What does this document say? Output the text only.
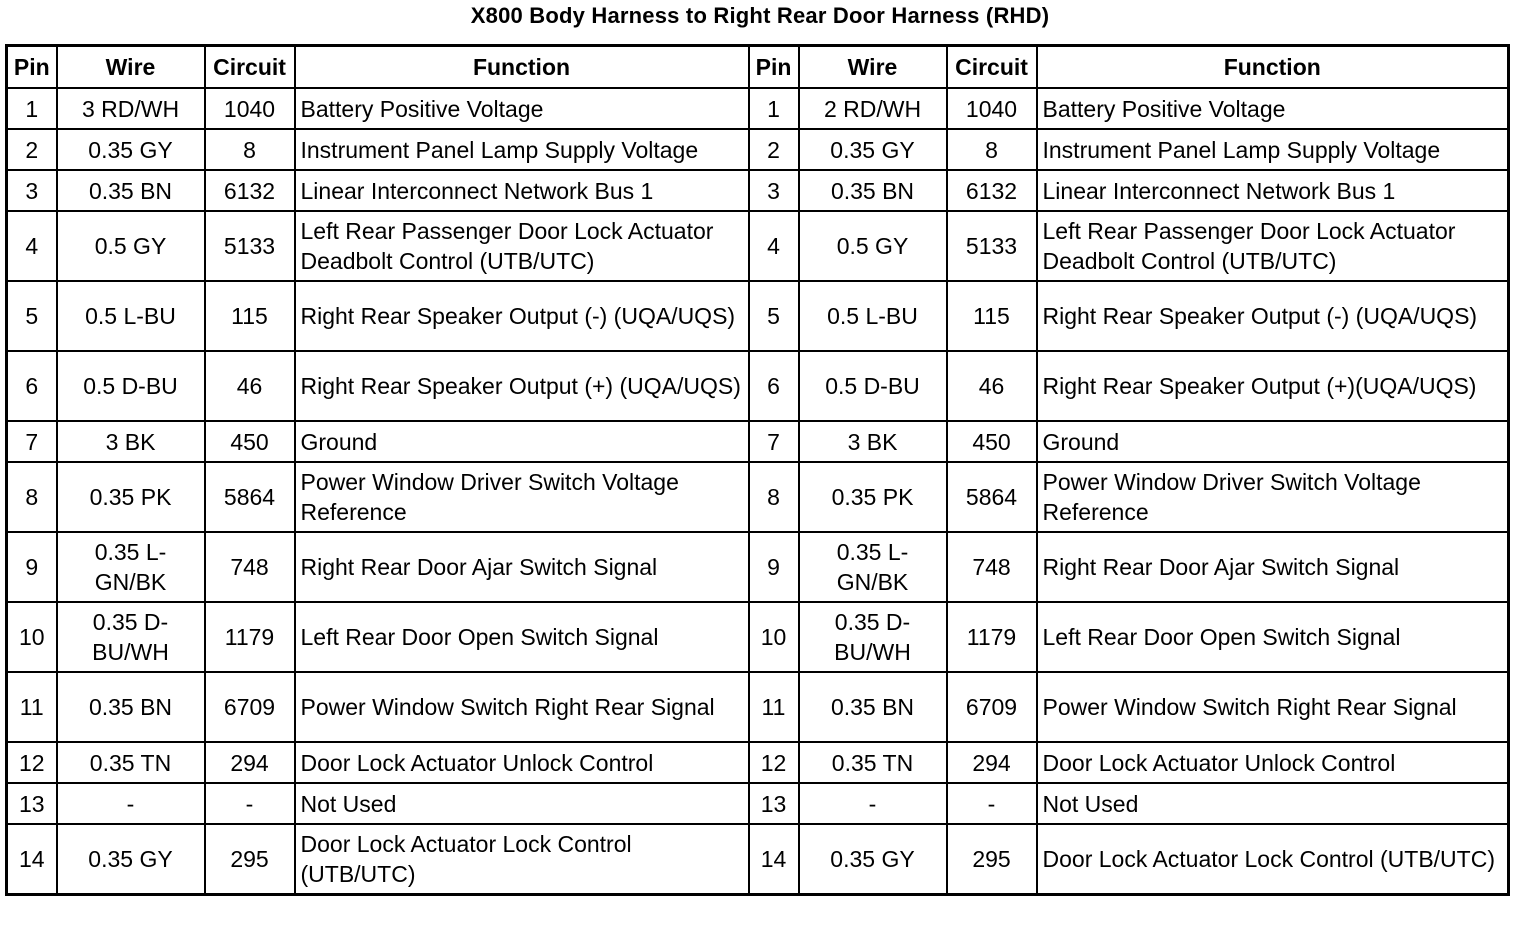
X800 Body Harness to Right Rear Door Harness (RHD)
Pin	Wire	Circuit	Function	Pin	Wire	Circuit	Function
1	3 RD/WH	1040	Battery Positive Voltage	1	2 RD/WH	1040	Battery Positive Voltage
2	0.35 GY	8	Instrument Panel Lamp Supply Voltage	2	0.35 GY	8	Instrument Panel Lamp Supply Voltage
3	0.35 BN	6132	Linear Interconnect Network Bus 1	3	0.35 BN	6132	Linear Interconnect Network Bus 1
4	0.5 GY	5133	Left Rear Passenger Door Lock Actuator Deadbolt Control (UTB/UTC)	4	0.5 GY	5133	Left Rear Passenger Door Lock Actuator Deadbolt Control (UTB/UTC)
5	0.5 L-BU	115	Right Rear Speaker Output (-) (UQA/UQS)	5	0.5 L-BU	115	Right Rear Speaker Output (-) (UQA/UQS)
6	0.5 D-BU	46	Right Rear Speaker Output (+) (UQA/UQS)	6	0.5 D-BU	46	Right Rear Speaker Output (+)(UQA/UQS)
7	3 BK	450	Ground	7	3 BK	450	Ground
8	0.35 PK	5864	Power Window Driver Switch Voltage Reference	8	0.35 PK	5864	Power Window Driver Switch Voltage Reference
9	0.35 L-GN/BK	748	Right Rear Door Ajar Switch Signal	9	0.35 L-GN/BK	748	Right Rear Door Ajar Switch Signal
10	0.35 D-BU/WH	1179	Left Rear Door Open Switch Signal	10	0.35 D-BU/WH	1179	Left Rear Door Open Switch Signal
11	0.35 BN	6709	Power Window Switch Right Rear Signal	11	0.35 BN	6709	Power Window Switch Right Rear Signal
12	0.35 TN	294	Door Lock Actuator Unlock Control	12	0.35 TN	294	Door Lock Actuator Unlock Control
13	-	-	Not Used	13	-	-	Not Used
14	0.35 GY	295	Door Lock Actuator Lock Control (UTB/UTC)	14	0.35 GY	295	Door Lock Actuator Lock Control (UTB/UTC)
